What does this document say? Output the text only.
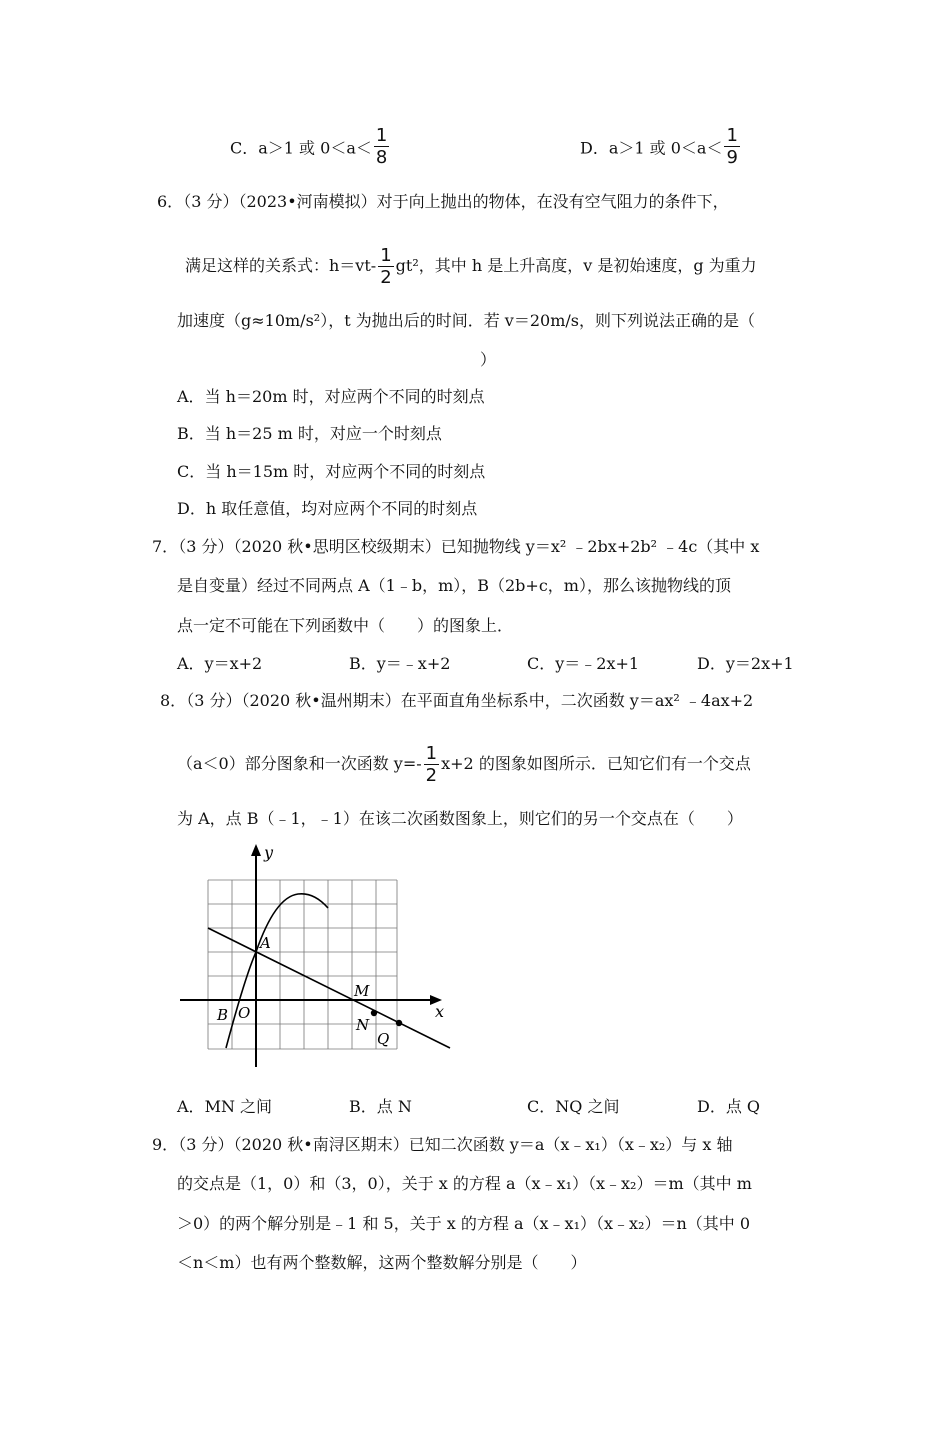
C．a＞1 或 $0<a< \frac{1}{8}$	D．a＞1 或 $0<a< \frac{1}{9}$
6．（3 分）（2023•河南模拟）对于向上抛出的物体，在没有空气阻力的条件下，
满足这样的关系式：$h=vt- \frac{1}{2} gt^2$，其中 h 是上升高度，v 是初始速度，g 为重力
加速度（g≈10m/s²），t 为抛出后的时间．若 v＝20m/s，则下列说法正确的是（
）
A．当 h＝20m 时，对应两个不同的时刻点
B．当 h＝25 m 时，对应一个时刻点
C．当 h＝15m 时，对应两个不同的时刻点
D．h 取任意值，均对应两个不同的时刻点
7．（3 分）（2020 秋•思明区校级期末）已知抛物线 y＝x² ﹣2bx+2b² ﹣4c（其中 x
是自变量）经过不同两点 A（1﹣b，m），B（2b+c，m），那么该抛物线的顶
点一定不可能在下列函数中（　　）的图象上．
A．y＝x+2	B．y＝﹣x+2	C．y＝﹣2x+1	D．y＝2x+1
8．（3 分）（2020 秋•温州期末）在平面直角坐标系中，二次函数 y＝ax² ﹣4ax+2
（a＜0）部分图象和一次函数 $y=- \frac{1}{2} x+2$ 的图象如图所示．已知它们有一个交点
为 A，点 B（﹣1，﹣1）在该二次函数图象上，则它们的另一个交点在（　　）
y
x
A
B O
M
N
Q
A．MN 之间	B．点 N	C．NQ 之间	D．点 Q
9．（3 分）（2020 秋•南浔区期末）已知二次函数 y＝a（x﹣x₁）（x﹣x₂）与 x 轴
的交点是（1，0）和（3，0），关于 x 的方程 a（x﹣x₁）（x﹣x₂）＝m（其中 m
＞0）的两个解分别是﹣1 和 5，关于 x 的方程 a（x﹣x₁）（x﹣x₂）＝n（其中 0
＜n＜m）也有两个整数解，这两个整数解分别是（　　）
